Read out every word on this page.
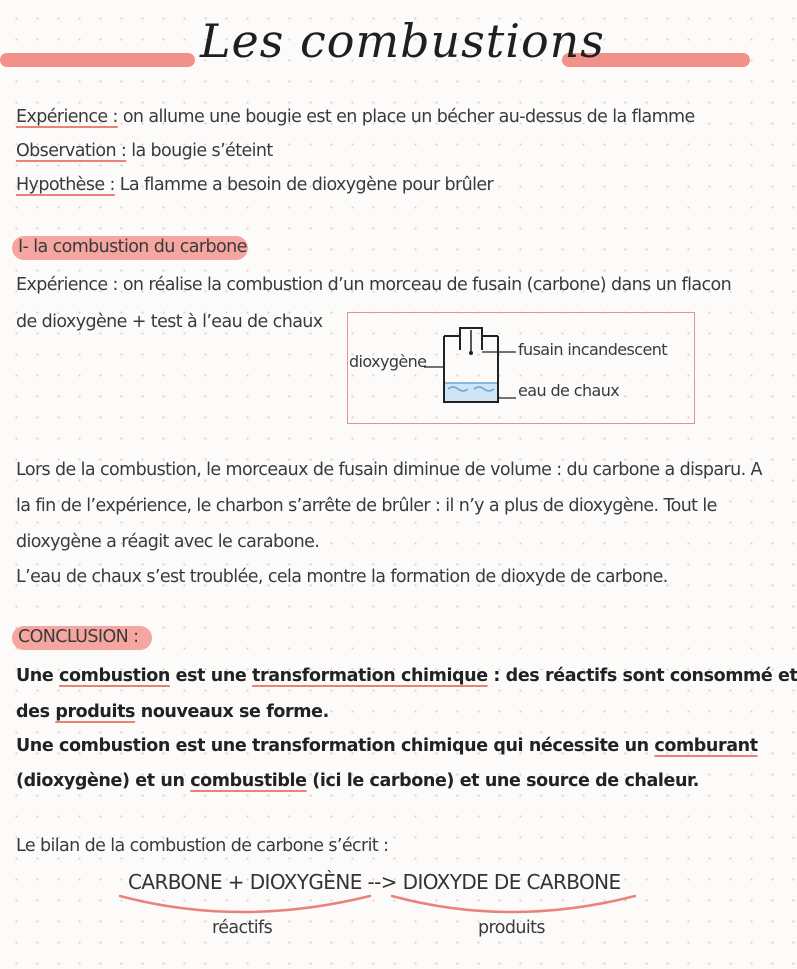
Les combustions
Expérience : on allume une bougie est en place un bécher au-dessus de la flamme
Observation : la bougie s’éteint
Hypothèse : La flamme a besoin de dioxygène pour brûler
I- la combustion du carbone
Expérience : on réalise la combustion d’un morceau de fusain (carbone) dans un flacon
de dioxygène + test à l’eau de chaux
dioxygène
fusain incandescent
eau de chaux
Lors de la combustion, le morceaux de fusain diminue de volume : du carbone a disparu. A
la fin de l’expérience, le charbon s’arrête de brûler : il n’y a plus de dioxygène. Tout le
dioxygène a réagit avec le carabone.
L’eau de chaux s’est troublée, cela montre la formation de dioxyde de carbone.
CONCLUSION :
Une combustion est une transformation chimique : des réactifs sont consommé et
des produits nouveaux se forme.
Une combustion est une transformation chimique qui nécessite un comburant
(dioxygène) et un combustible (ici le carbone) et une source de chaleur.
Le bilan de la combustion de carbone s’écrit :
CARBONE + DIOXYGÈNE --> DIOXYDE DE CARBONE
réactifs	produits
